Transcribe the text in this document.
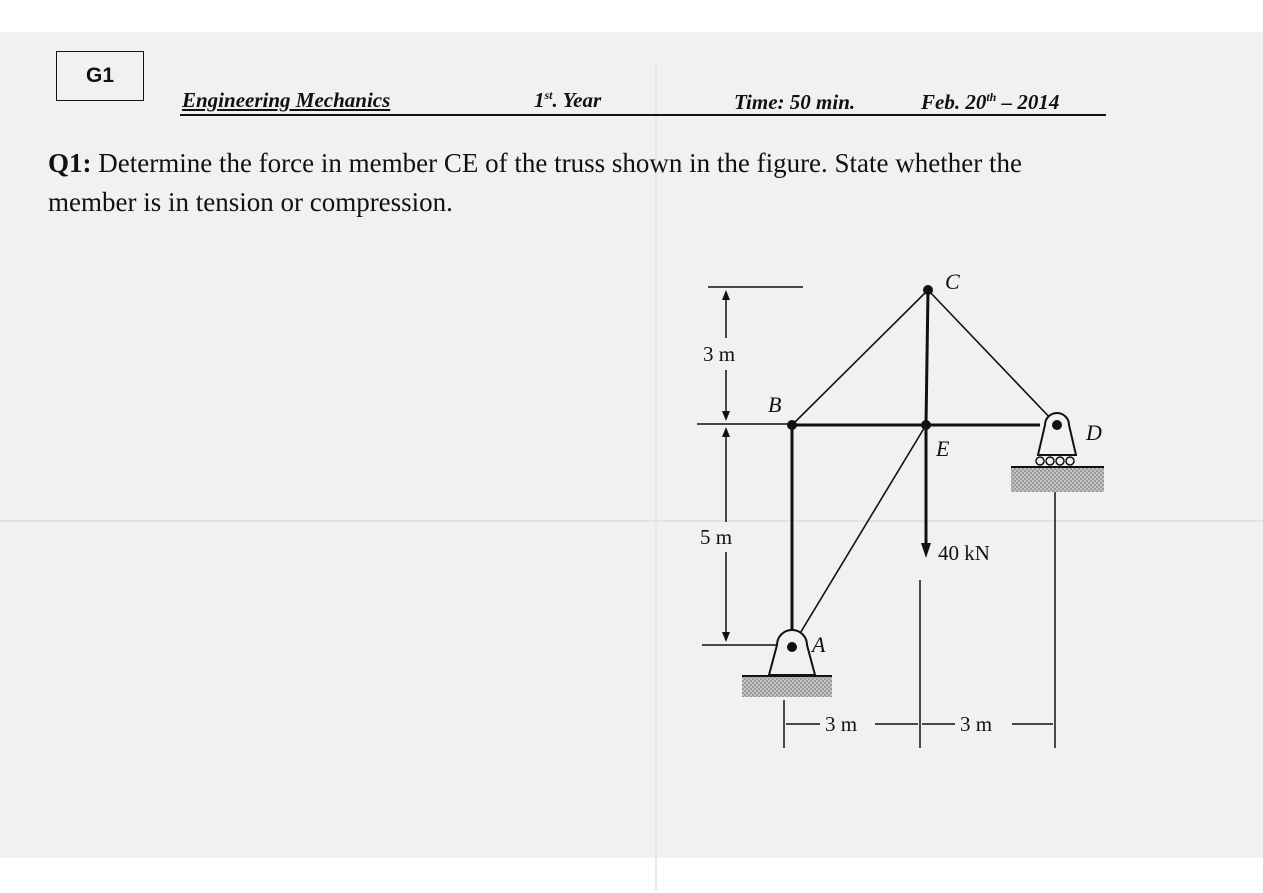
G1
Engineering Mechanics	1st. Year	Time: 50 min.	Feb. 20th – 2014
Q1: Determine the force in member CE of the truss shown in the figure. State whether the
member is in tension or compression.
C
B
E
D
A
3 m
5 m
40 kN
3 m	3 m
